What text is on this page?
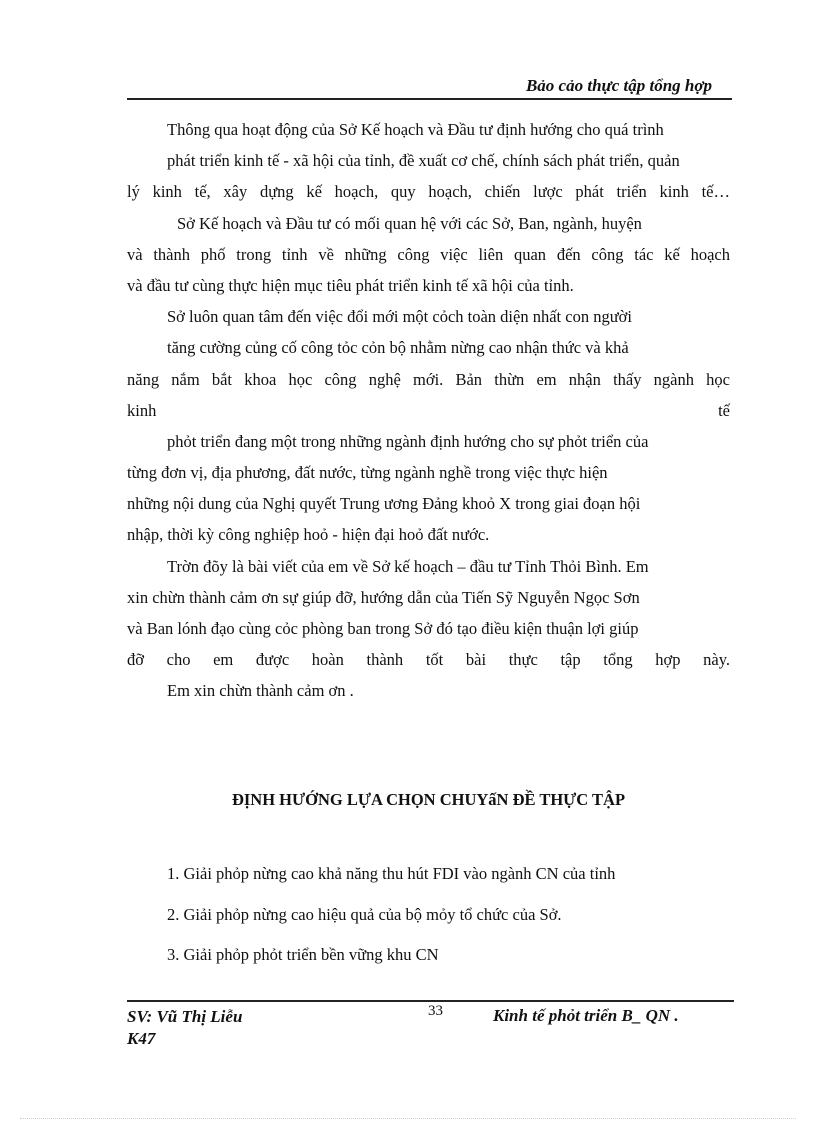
Bảo cảo thực tập tổng hợp
Thông qua hoạt động của Sở Kế hoạch và Đầu tư định hướng cho quá trình
phát triển kinh tế - xã hội của tỉnh, đề xuất cơ chế, chính sách phát triển, quản
lý kinh tế, xây dựng kế hoạch, quy hoạch, chiến lược phát triển kinh tế…
Sở Kế hoạch và Đầu tư có mối quan hệ với các Sở, Ban, ngành, huyện
và thành phố trong tỉnh về những công việc liên quan đến công tác kế hoạch
và đầu tư cùng thực hiện mục tiêu phát triển kinh tế xã hội của tỉnh.
Sở luôn quan tâm đến việc đổi mới một cỏch toàn diện nhất con người
tăng cường củng cố công tỏc cỏn bộ nhằm nừng cao nhận thức và khả
năng nắm bắt khoa học công nghệ mới. Bản thừn em nhận thấy ngành học
kinh tế
phỏt triển đang một trong những ngành định hướng cho sự phỏt triển của
từng đơn vị, địa phương, đất nước, từng ngành nghề trong việc thực hiện
những nội dung của Nghị quyết Trung ương Đảng khoỏ X trong giai đoạn hội
nhập, thời kỳ công nghiệp hoỏ - hiện đại hoỏ đất nước.
Trờn đõy là bài viết của em về Sở kế hoạch – đầu tư Tỉnh Thỏi Bình. Em
xin chừn thành cảm ơn sự giúp đỡ, hướng dẫn của Tiến Sỹ Nguyễn Ngọc Sơn
và Ban lónh đạo cùng cỏc phòng ban trong Sở đó tạo điều kiện thuận lợi giúp
đỡ cho em được hoàn thành tốt bài thực tập tổng hợp này.
Em xin chừn thành cảm ơn .
ĐỊNH HƯỚNG LỰA CHỌN CHUYấN ĐỀ THỰC TẬP
1. Giải phỏp nừng cao khả năng thu hút FDI vào ngành CN của tỉnh
2. Giải phỏp nừng cao hiệu quả của bộ mỏy tổ chức của Sở.
3. Giải phỏp phỏt triển bền vững khu CN
SV: Vũ Thị Liễu
K47
33	Kinh tế phỏt triển B_ QN .
